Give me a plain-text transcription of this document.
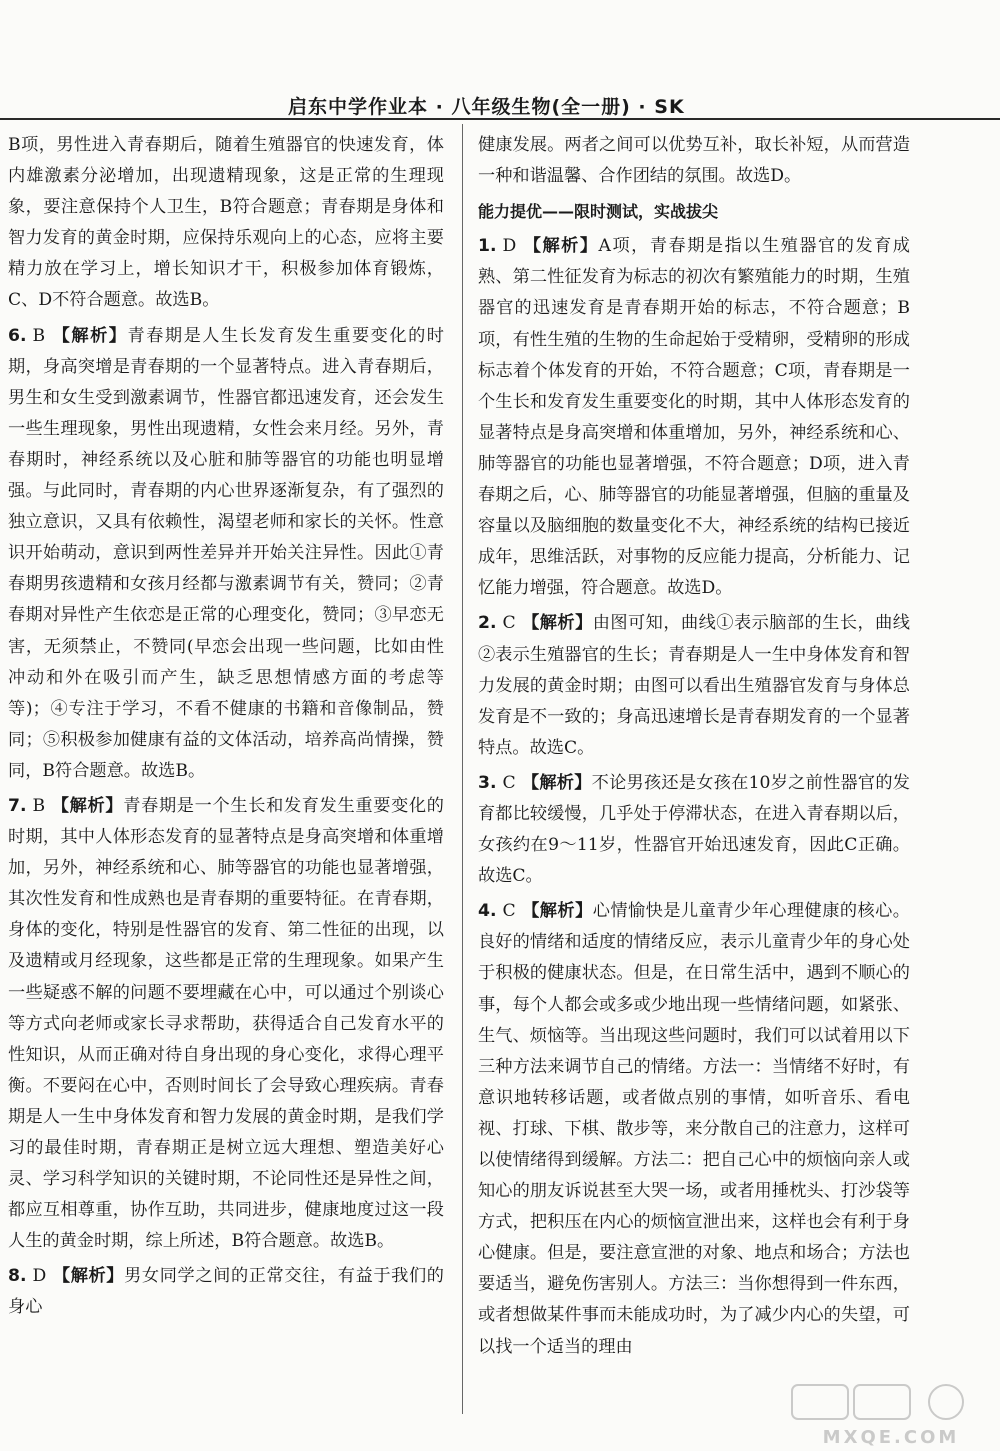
启东中学作业本 · 八年级生物(全一册) · SK

B项，男性进入青春期后，随着生殖器官的快速发育，体内雄激素分泌增加，出现遗精现象，这是正常的生理现象，要注意保持个人卫生，B符合题意；青春期是身体和智力发育的黄金时期，应保持乐观向上的心态，应将主要精力放在学习上，增长知识才干，积极参加体育锻炼，C、D不符合题意。故选B。

6. B 【解析】青春期是人生长发育发生重要变化的时期，身高突增是青春期的一个显著特点。进入青春期后，男生和女生受到激素调节，性器官都迅速发育，还会发生一些生理现象，男性出现遗精，女性会来月经。另外，青春期时，神经系统以及心脏和肺等器官的功能也明显增强。与此同时，青春期的内心世界逐渐复杂，有了强烈的独立意识，又具有依赖性，渴望老师和家长的关怀。性意识开始萌动，意识到两性差异并开始关注异性。因此①青春期男孩遗精和女孩月经都与激素调节有关，赞同；②青春期对异性产生依恋是正常的心理变化，赞同；③早恋无害，无须禁止，不赞同(早恋会出现一些问题，比如由性冲动和外在吸引而产生，缺乏思想情感方面的考虑等等)；④专注于学习，不看不健康的书籍和音像制品，赞同；⑤积极参加健康有益的文体活动，培养高尚情操，赞同，B符合题意。故选B。

7. B 【解析】青春期是一个生长和发育发生重要变化的时期，其中人体形态发育的显著特点是身高突增和体重增加，另外，神经系统和心、肺等器官的功能也显著增强，其次性发育和性成熟也是青春期的重要特征。在青春期，身体的变化，特别是性器官的发育、第二性征的出现，以及遗精或月经现象，这些都是正常的生理现象。如果产生一些疑惑不解的问题不要埋藏在心中，可以通过个别谈心等方式向老师或家长寻求帮助，获得适合自己发育水平的性知识，从而正确对待自身出现的身心变化，求得心理平衡。不要闷在心中，否则时间长了会导致心理疾病。青春期是人一生中身体发育和智力发展的黄金时期，是我们学习的最佳时期，青春期正是树立远大理想、塑造美好心灵、学习科学知识的关键时期，不论同性还是异性之间，都应互相尊重，协作互助，共同进步，健康地度过这一段人生的黄金时期，综上所述，B符合题意。故选B。

8. D 【解析】男女同学之间的正常交往，有益于我们的身心

健康发展。两者之间可以优势互补，取长补短，从而营造一种和谐温馨、合作团结的氛围。故选D。

能力提优——限时测试，实战拔尖

1. D 【解析】A项，青春期是指以生殖器官的发育成熟、第二性征发育为标志的初次有繁殖能力的时期，生殖器官的迅速发育是青春期开始的标志，不符合题意；B项，有性生殖的生物的生命起始于受精卵，受精卵的形成标志着个体发育的开始，不符合题意；C项，青春期是一个生长和发育发生重要变化的时期，其中人体形态发育的显著特点是身高突增和体重增加，另外，神经系统和心、肺等器官的功能也显著增强，不符合题意；D项，进入青春期之后，心、肺等器官的功能显著增强，但脑的重量及容量以及脑细胞的数量变化不大，神经系统的结构已接近成年，思维活跃，对事物的反应能力提高，分析能力、记忆能力增强，符合题意。故选D。

2. C 【解析】由图可知，曲线①表示脑部的生长，曲线②表示生殖器官的生长；青春期是人一生中身体发育和智力发展的黄金时期；由图可以看出生殖器官发育与身体总发育是不一致的；身高迅速增长是青春期发育的一个显著特点。故选C。

3. C 【解析】不论男孩还是女孩在10岁之前性器官的发育都比较缓慢，几乎处于停滞状态，在进入青春期以后，女孩约在9～11岁，性器官开始迅速发育，因此C正确。故选C。

4. C 【解析】心情愉快是儿童青少年心理健康的核心。良好的情绪和适度的情绪反应，表示儿童青少年的身心处于积极的健康状态。但是，在日常生活中，遇到不顺心的事，每个人都会或多或少地出现一些情绪问题，如紧张、生气、烦恼等。当出现这些问题时，我们可以试着用以下三种方法来调节自己的情绪。方法一：当情绪不好时，有意识地转移话题，或者做点别的事情，如听音乐、看电视、打球、下棋、散步等，来分散自己的注意力，这样可以使情绪得到缓解。方法二：把自己心中的烦恼向亲人或知心的朋友诉说甚至大哭一场，或者用捶枕头、打沙袋等方式，把积压在内心的烦恼宣泄出来，这样也会有利于身心健康。但是，要注意宣泄的对象、地点和场合；方法也要适当，避免伤害别人。方法三：当你想得到一件东西，或者想做某件事而未能成功时，为了减少内心的失望，可以找一个适当的理由

MXQE.COM
